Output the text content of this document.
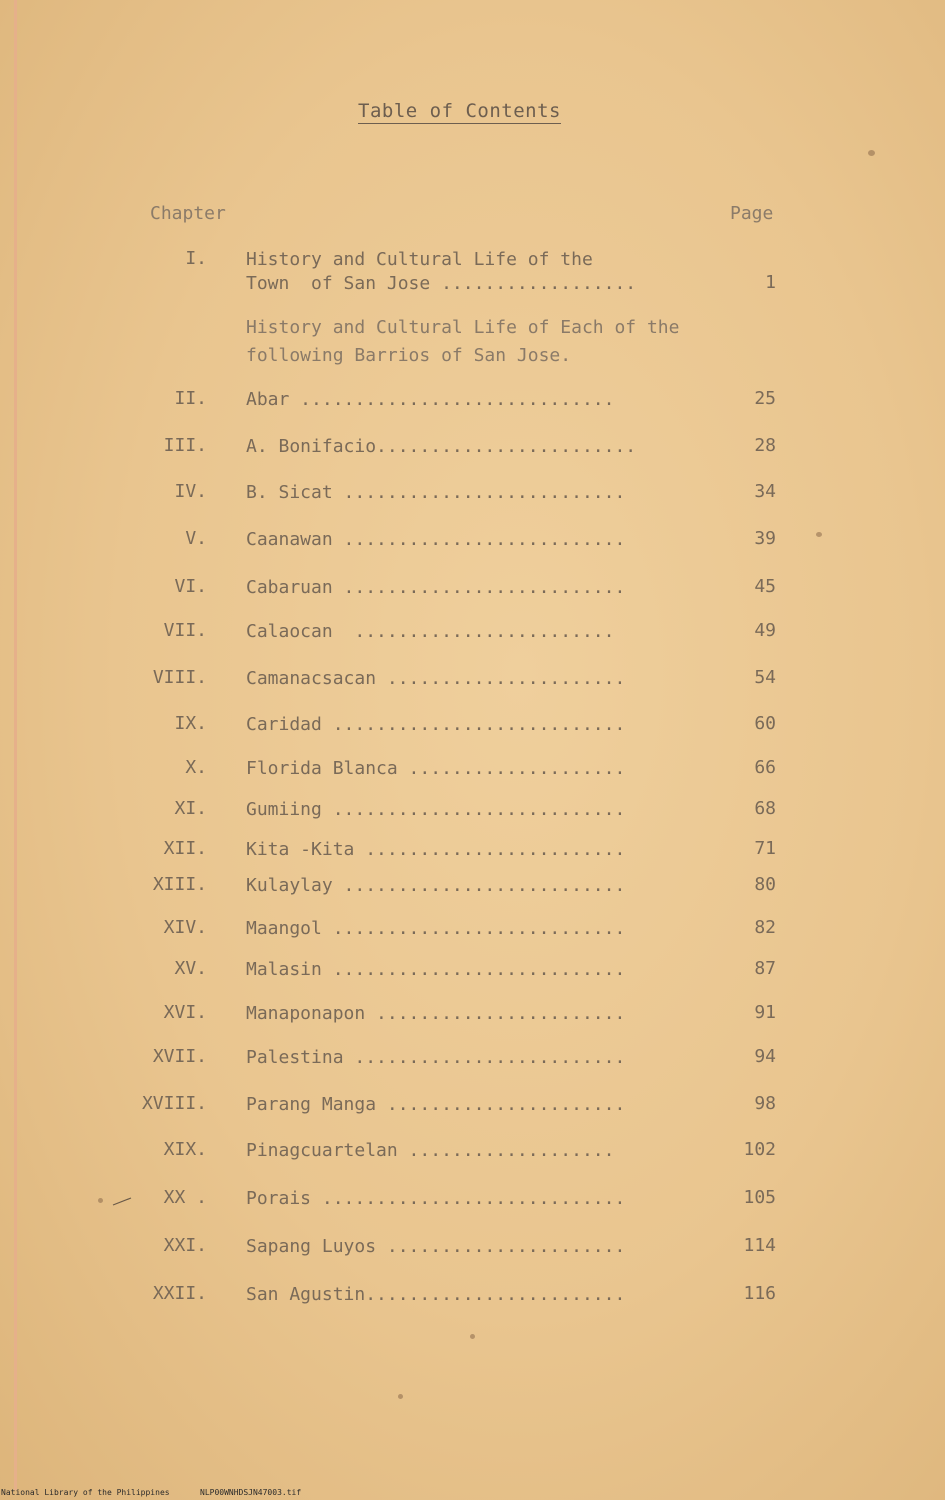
Table of Contents
Chapter	Page
I. History and Cultural Life of the
Town  of San Jose ..................	1
History and Cultural Life of Each of the
following Barrios of San Jose.
II. Abar .............................	25
III. A. Bonifacio........................	28
IV. B. Sicat ..........................	34
V. Caanawan ..........................	39
VI. Cabaruan ..........................	45
VII. Calaocan  ........................	49
VIII. Camanacsacan ......................	54
IX. Caridad ...........................	60
X. Florida Blanca ....................	66
XI. Gumiing ...........................	68
XII. Kita -Kita ........................	71
XIII. Kulaylay ..........................	80
XIV. Maangol ...........................	82
XV. Malasin ...........................	87
XVI. Manaponapon .......................	91
XVII. Palestina .........................	94
XVIII. Parang Manga ......................	98
XIX. Pinagcuartelan ...................	102
XX . Porais ............................	105
XXI. Sapang Luyos ......................	114
XXII. San Agustin........................	116
National Library of the Philippines	NLP00WNHDSJN47003.tif
